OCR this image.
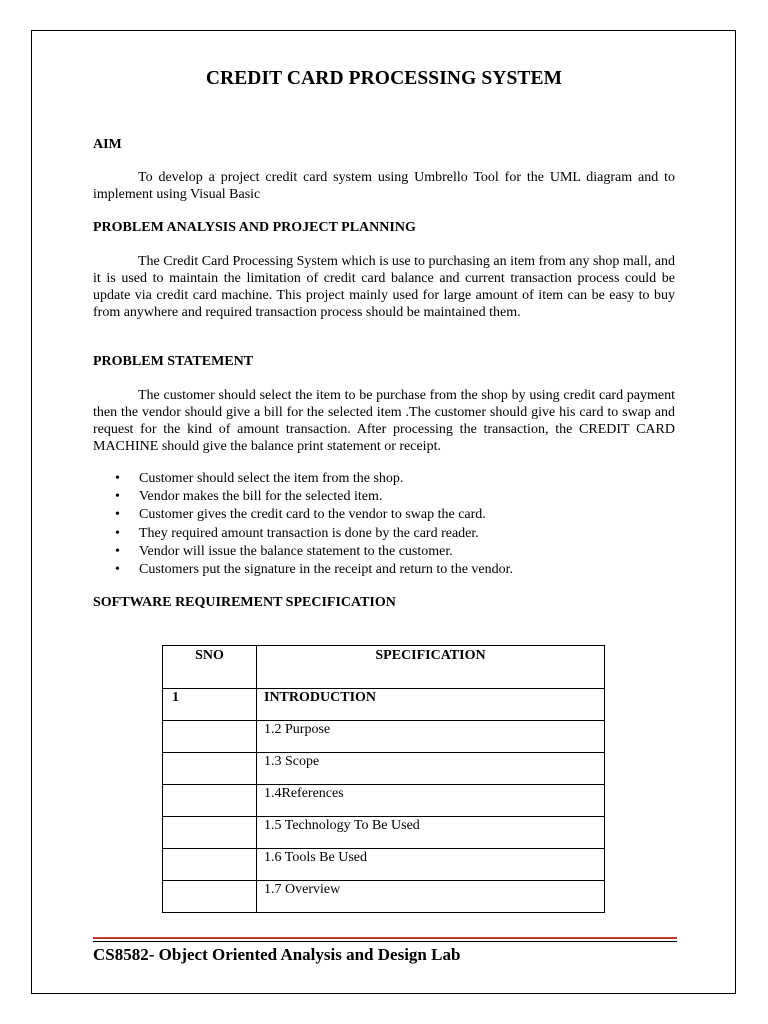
CREDIT CARD PROCESSING SYSTEM
AIM

To develop a project credit card system using Umbrello Tool for the UML diagram and to implement using Visual Basic

PROBLEM ANALYSIS AND PROJECT PLANNING

The Credit Card Processing System which is use to purchasing an item from any shop mall, and it is used to maintain the limitation of credit card balance and current transaction process could be update via credit card machine. This project mainly used for large amount of item can be easy to buy from anywhere and required transaction process should be maintained them.

PROBLEM STATEMENT

The customer should select the item to be purchase from the shop by using credit card payment then the vendor should give a bill for the selected item .The customer should give his card to swap and request for the kind of amount transaction. After processing the transaction, the CREDIT CARD MACHINE should give the balance print statement or receipt.

• Customer should select the item from the shop.
• Vendor makes the bill for the selected item.
• Customer gives the credit card to the vendor to swap the card.
• They required amount transaction is done by the card reader.
• Vendor will issue the balance statement to the customer.
• Customers put the signature in the receipt and return to the vendor.
SOFTWARE REQUIREMENT SPECIFICATION
SNO	SPECIFICATION
1	INTRODUCTION
	1.2 Purpose
	1.3 Scope
	1.4References
	1.5 Technology To Be Used
	1.6 Tools Be Used
	1.7 Overview
CS8582- Object Oriented Analysis and Design Lab
